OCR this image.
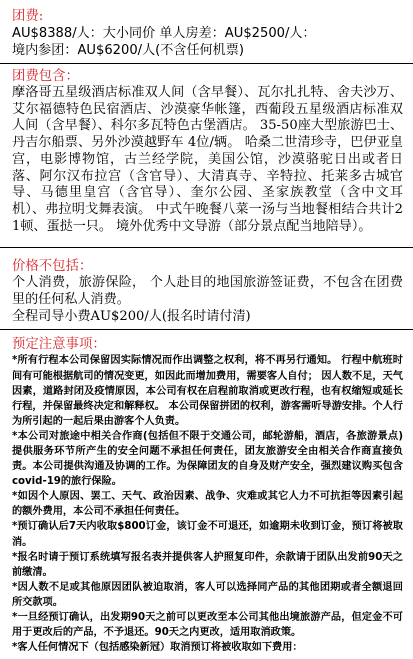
团费:
AU$8388/人：大小同价 单人房差：AU$2500/人：
境内参团：AU$6200/人(不含任何机票)
团费包含：
摩洛哥五星级酒店标准双人间（含早餐）、瓦尔扎扎特、舍夫沙万、艾尔福德特色民宿酒店、沙漠豪华帐篷，西葡段五星级酒店标准双人间（含早餐）、科尔多瓦特色古堡酒店。 35-50座大型旅游巴士、丹吉尔船票、另外沙漠越野车 4位/辆。 哈桑二世清珍寺，巴伊亚皇宫，电影博物馆，古兰经学院，美国公馆，沙漠骆驼日出或者日落、阿尔汉布拉宫（含官导）、大清真寺、辛特拉、托莱多古城官导、马德里皇宫（含官导）、奎尔公园、圣家族教堂（含中文耳机）、弗拉明戈舞表演。 中式午晚餐八菜一汤与当地餐相结合共计21顿、蛋挞一只。 境外优秀中文导游（部分景点配当地陪导）。
价格不包括：
个人消费，旅游保险， 个人赴目的地国旅游签证费，不包含在团费里的任何私人消费。
全程司导小费AU$200/人(报名时请付清)
预定注意事项：

*所有行程本公司保留因实际情况而作出调整之权利，将不再另行通知。 行程中航班时间有可能根据航司的情况变更，如因此而增加费用，需要客人自付； 因人数不足，天气因素，道路封闭及疫情原因，本公司有权在启程前取消或更改行程，也有权缩短或延长行程，并保留最终决定和解释权。 本公司保留拼团的权利，游客需听导游安排。个人行为所引起的一起后果由游客个人负责。

*本公司对旅途中相关合作商(包括但不限于交通公司，邮轮游船，酒店，各旅游景点) 提供服务环节所产生的安全问题不承担任何责任，团友旅游安全由相关合作商直接负责。本公司提供沟通及协调的工作。为保障团友的自身及财产安全，强烈建议购买包含covid-19的旅行保险。

*如因个人原因、罢工、天气、政治因素、战争、灾难或其它人力不可抗拒等因素引起的额外费用，本公司不承担任何责任。

*预订确认后7天内收取$800订金，该订金不可退还，如逾期未收到订金，预订将被取消。

*报名时请于预订系统填写报名表并提供客人护照复印件，余款请于团队出发前90天之前缴清。

*因人数不足或其他原因团队被迫取消，客人可以选择同产品的其他团期或者全额退回所交款项。

*一旦经预订确认，出发期90天之前可以更改至本公司其他出境旅游产品，但定金不可用于更改后的产品，不予退还。90天之内更改，适用取消政策。

*客人任何情况下（包括感染新冠）取消预订将被收取如下费用：
